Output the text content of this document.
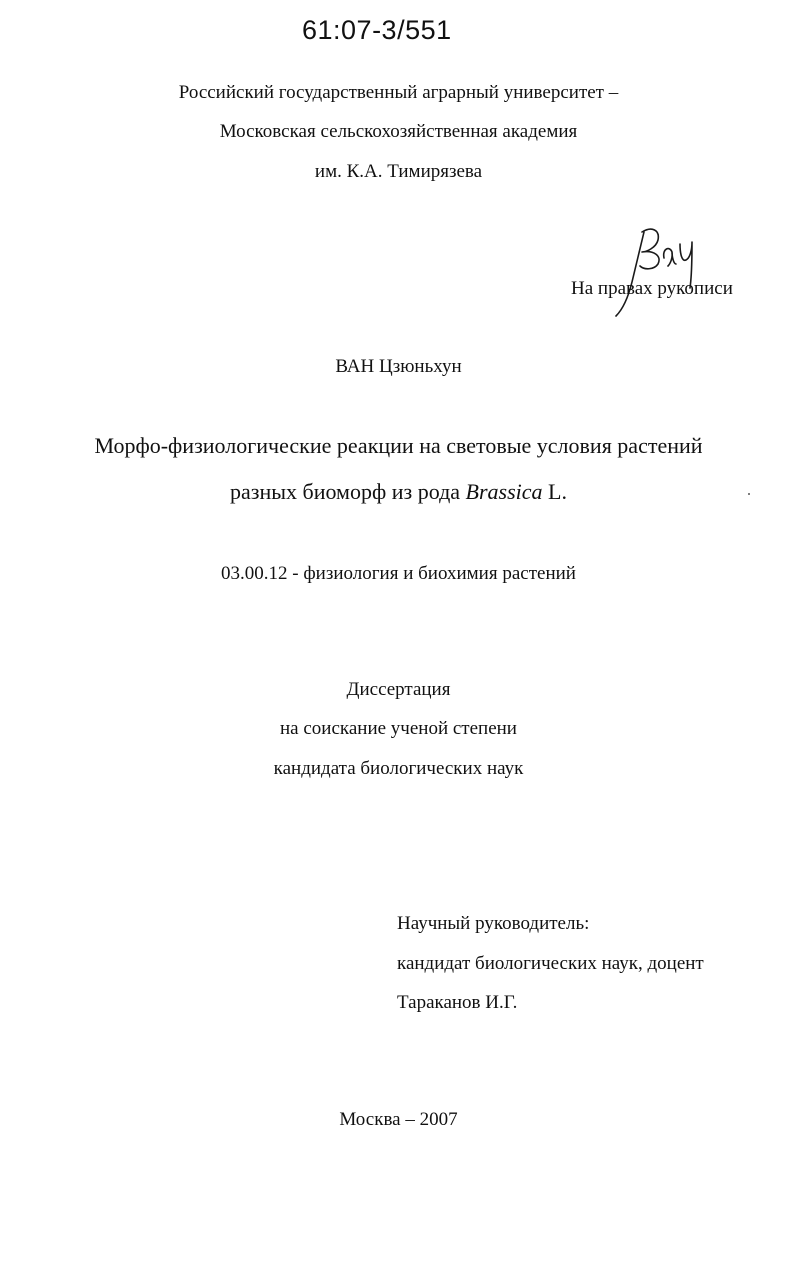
61:07-3/551
Российский государственный аграрный университет –
Московская сельскохозяйственная академия
им. К.А. Тимирязева
На правах рукописи
ВАН Цзюньхун
Морфо-физиологические реакции на световые условия растений
разных биоморф из рода Brassica L.
03.00.12 - физиология и биохимия растений
Диссертация
на соискание ученой степени
кандидата биологических наук
Научный руководитель:
кандидат биологических наук, доцент
Тараканов И.Г.
Москва – 2007
